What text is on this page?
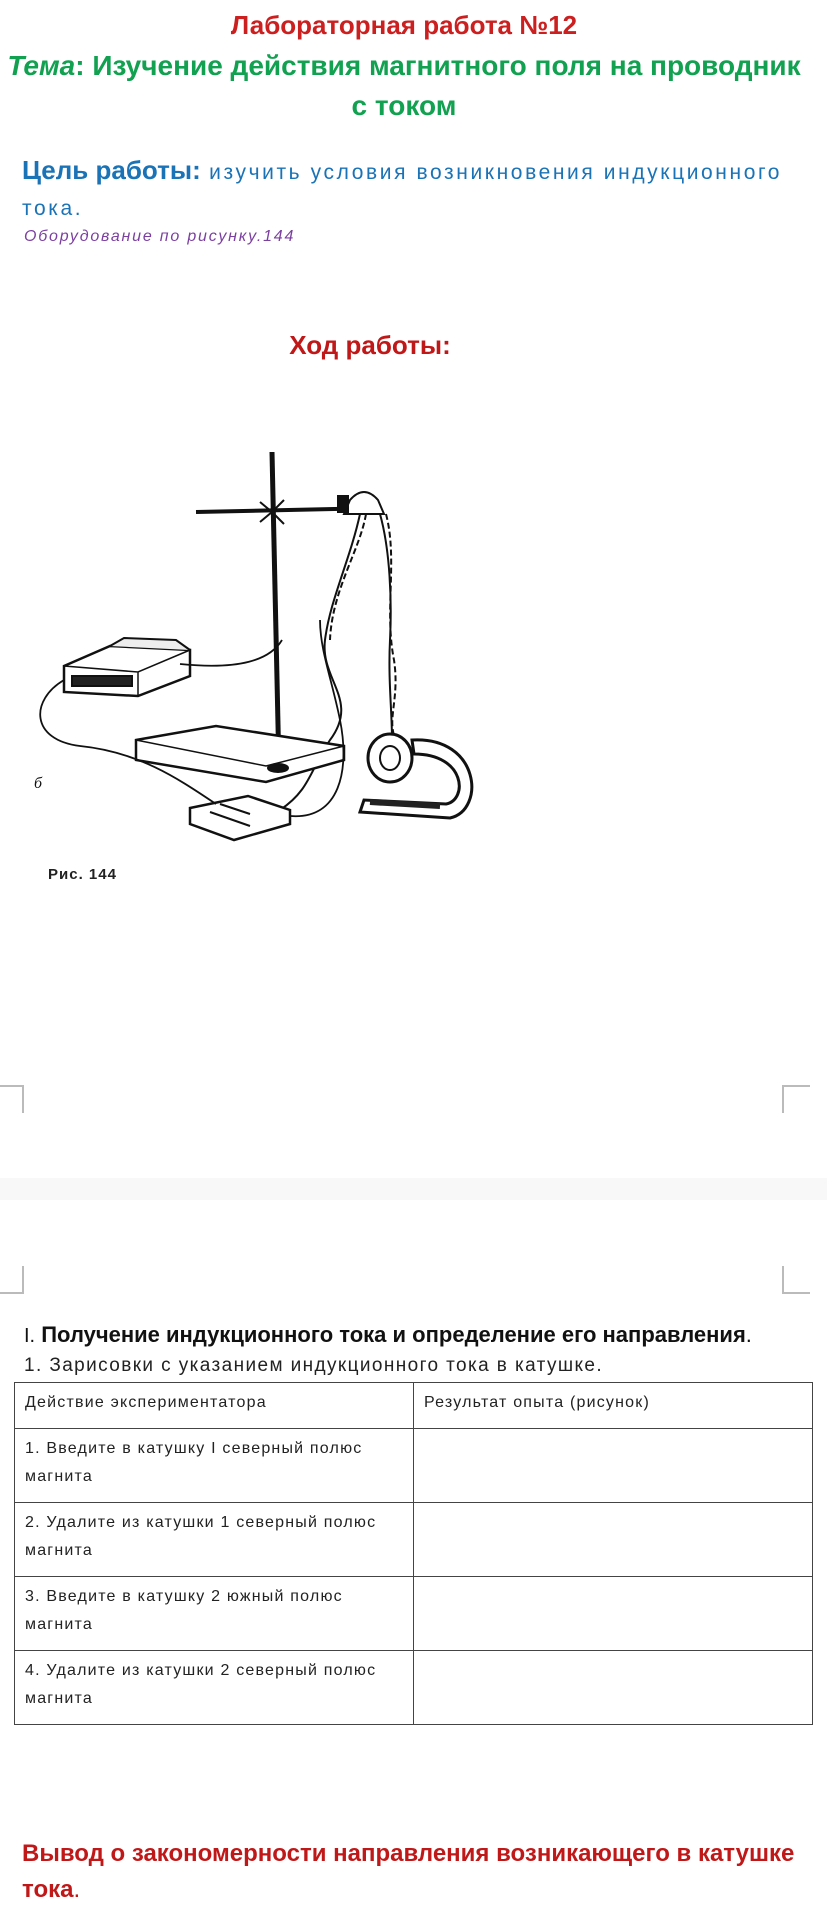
Лабораторная работа №12
Тема: Изучение действия магнитного поля на проводник с током
Цель работы: изучить условия возникновения индукционного тока.
Оборудование по рисунку.144
Ход работы:
б
Рис. 144
I. Получение индукционного тока и определение его направления.
1. Зарисовки с указанием индукционного тока в катушке.
Действие экспериментатора	Результат опыта (рисунок)
1. Введите в катушку I северный полюс магнита	
2. Удалите из катушки 1 северный полюс магнита	
3. Введите в катушку 2 южный полюс магнита	
4. Удалите из катушки 2 северный полюс магнита	
Вывод о закономерности направления возникающего в катушке тока.
